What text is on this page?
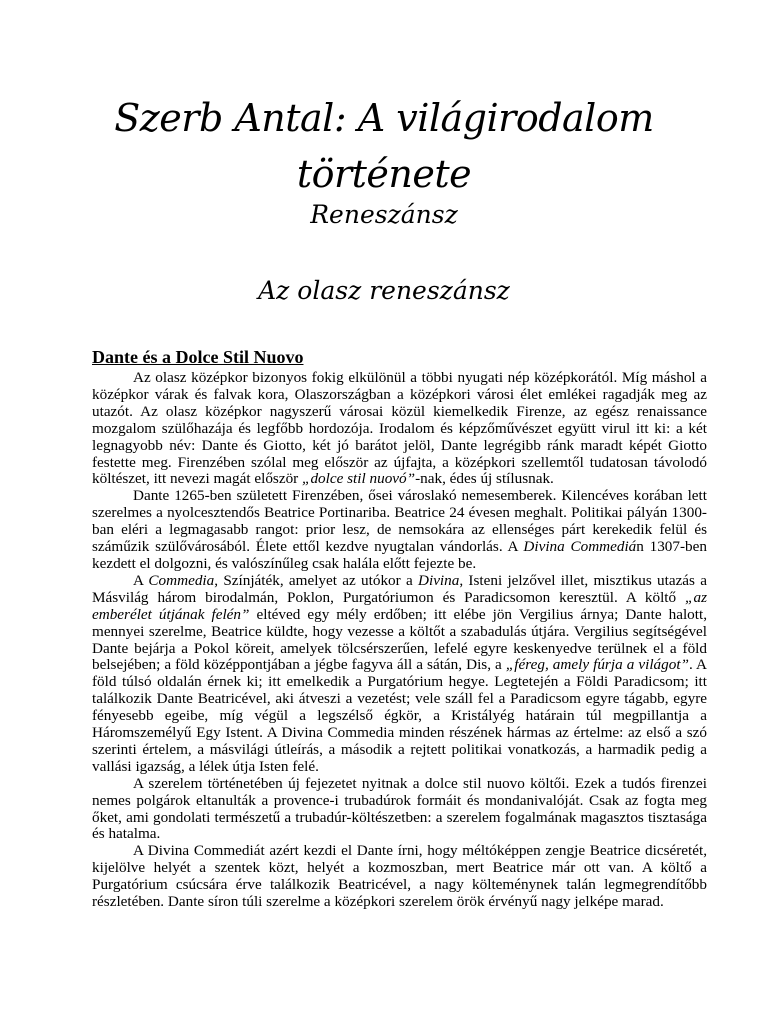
Szerb Antal: A világirodalom
története
Reneszánsz
Az olasz reneszánsz
Dante és a Dolce Stil Nuovo

Az olasz középkor bizonyos fokig elkülönül a többi nyugati nép középkorától. Míg máshol a középkor várak és falvak kora, Olaszországban a középkori városi élet emlékei ragadják meg az utazót. Az olasz középkor nagyszerű városai közül kiemelkedik Firenze, az egész renaissance mozgalom szülőhazája és legfőbb hordozója. Irodalom és képzőművészet együtt virul itt ki: a két legnagyobb név: Dante és Giotto, két jó barátot jelöl, Dante legrégibb ránk maradt képét Giotto festette meg. Firenzében szólal meg először az újfajta, a középkori szellemtől tudatosan távolodó költészet, itt nevezi magát először „dolce stil nuovó”-nak, édes új stílusnak.

Dante 1265-ben született Firenzében, ősei városlakó nemesemberek. Kilencéves korában lett szerelmes a nyolcesztendős Beatrice Portinariba. Beatrice 24 évesen meghalt. Politikai pályán 1300-ban eléri a legmagasabb rangot: prior lesz, de nemsokára az ellenséges párt kerekedik felül és száműzik szülővárosából. Élete ettől kezdve nyugtalan vándorlás. A Divina Commedián 1307-ben kezdett el dolgozni, és valószínűleg csak halála előtt fejezte be.

A Commedia, Színjáték, amelyet az utókor a Divina, Isteni jelzővel illet, misztikus utazás a Másvilág három birodalmán, Poklon, Purgatóriumon és Paradicsomon keresztül. A költő „az emberélet útjának felén” eltéved egy mély erdőben; itt elébe jön Vergilius árnya; Dante halott, mennyei szerelme, Beatrice küldte, hogy vezesse a költőt a szabadulás útjára. Vergilius segítségével Dante bejárja a Pokol köreit, amelyek tölcsérszerűen, lefelé egyre keskenyedve terülnek el a föld belsejében; a föld középpontjában a jégbe fagyva áll a sátán, Dis, a „féreg, amely fúrja a világot”. A föld túlsó oldalán érnek ki; itt emelkedik a Purgatórium hegye. Legtetején a Földi Paradicsom; itt találkozik Dante Beatricével, aki átveszi a vezetést; vele száll fel a Paradicsom egyre tágabb, egyre fényesebb egeibe, míg végül a legszélső égkör, a Kristályég határain túl megpillantja a Háromszemélyű Egy Istent. A Divina Commedia minden részének hármas az értelme: az első a szó szerinti értelem, a másvilági útleírás, a második a rejtett politikai vonatkozás, a harmadik pedig a vallási igazság, a lélek útja Isten felé.

A szerelem történetében új fejezetet nyitnak a dolce stil nuovo költői. Ezek a tudós firenzei nemes polgárok eltanulták a provence-i trubadúrok formáit és mondanivalóját. Csak az fogta meg őket, ami gondolati természetű a trubadúr-költészetben: a szerelem fogalmának magasztos tisztasága és hatalma.

A Divina Commediát azért kezdi el Dante írni, hogy méltóképpen zengje Beatrice dicséretét, kijelölve helyét a szentek közt, helyét a kozmoszban, mert Beatrice már ott van. A költő a Purgatórium csúcsára érve találkozik Beatricével, a nagy költeménynek talán legmegrendítőbb részletében. Dante síron túli szerelme a középkori szerelem örök érvényű nagy jelképe marad.
